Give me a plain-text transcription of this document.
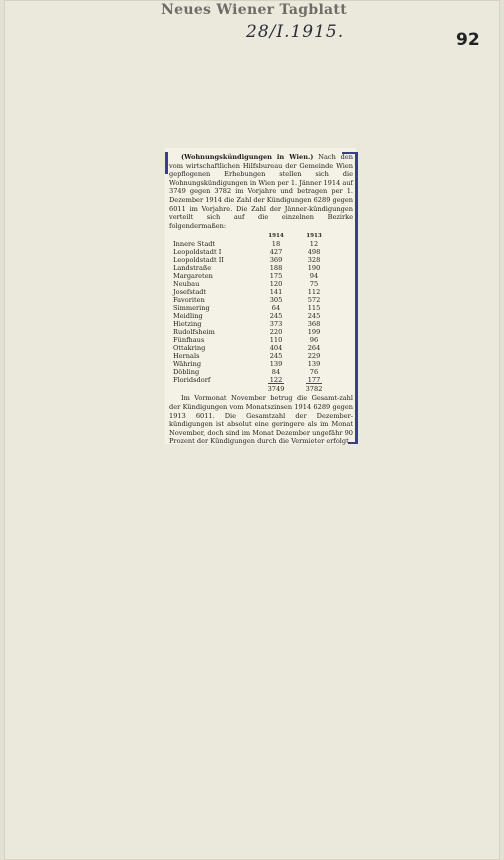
Neues Wiener Tagblatt
28/I.1915.	92

(Wohnungskündigungen in Wien.) Nach den vom wirtschaftlichen Hilfsbureau der Gemeinde Wien gepflogenen Erhebungen stellen sich die Wohnungskündigungen in Wien per 1. Jänner 1914 auf 3749 gegen 3782 im Vorjahre und betragen per 1. Dezember 1914 die Zahl der Kündigungen 6289 gegen 6011 im Vorjahre. Die Zahl der Jänner-kündigungen verteilt sich auf die einzelnen Bezirke folgendermaßen:

	1914	1913
Innere Stadt	18	12
Leopoldstadt I	427	498
Leopoldstadt II	369	328
Landstraße	188	190
Margareten	175	94
Neubau	120	75
Josefstadt	141	112
Favoriten	305	572
Simmering	64	115
Meidling	245	245
Hietzing	373	368
Rudolfsheim	220	199
Fünfhaus	110	96
Ottakring	404	264
Hernals	245	229
Währing	139	139
Döbling	84	76
Floridsdorf	122	177
	3749	3782

Im Vormonat November betrug die Gesamt-zahl der Kündigungen vom Monatszinsen 1914 6289 gegen 1913 6011. Die Gesamtzahl der Dezember-kündigungen ist absolut eine geringere als im Monat November, doch sind im Monat Dezember ungefähr 90 Prozent der Kündigungen durch die Vermieter erfolgt.
